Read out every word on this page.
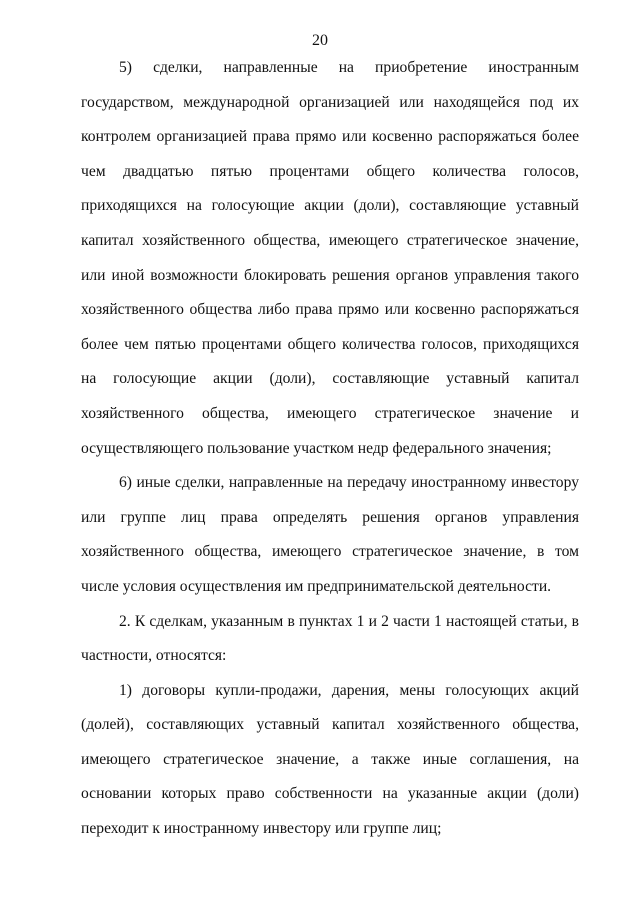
20

5) сделки, направленные на приобретение иностранным государством, международной организацией или находящейся под их контролем организацией права прямо или косвенно распоряжаться более чем двадцатью пятью процентами общего количества голосов, приходящихся на голосующие акции (доли), составляющие уставный капитал хозяйственного общества, имеющего стратегическое значение, или иной возможности блокировать решения органов управления такого хозяйственного общества либо права прямо или косвенно распоряжаться более чем пятью процентами общего количества голосов, приходящихся на голосующие акции (доли), составляющие уставный капитал хозяйственного общества, имеющего стратегическое значение и осуществляющего пользование участком недр федерального значения;

6) иные сделки, направленные на передачу иностранному инвестору или группе лиц права определять решения органов управления хозяйственного общества, имеющего стратегическое значение, в том числе условия осуществления им предпринимательской деятельности.

2. К сделкам, указанным в пунктах 1 и 2 части 1 настоящей статьи, в частности, относятся:

1) договоры купли-продажи, дарения, мены голосующих акций (долей), составляющих уставный капитал хозяйственного общества, имеющего стратегическое значение, а также иные соглашения, на основании которых право собственности на указанные акции (доли) переходит к иностранному инвестору или группе лиц;
